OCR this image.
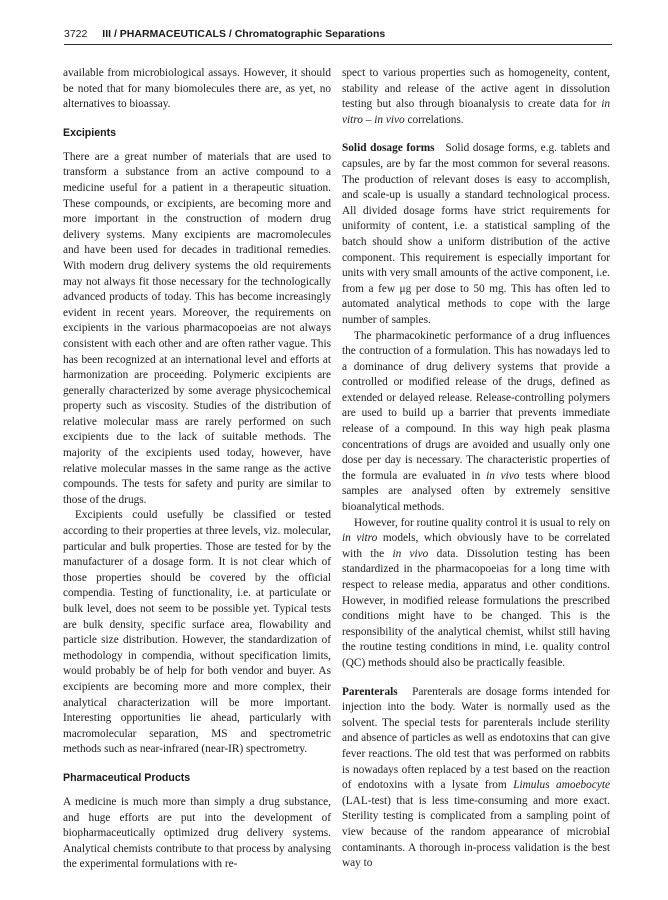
3722 III / PHARMACEUTICALS / Chromatographic Separations

available from microbiological assays. However, it should be noted that for many biomolecules there are, as yet, no alternatives to bioassay.

Excipients

There are a great number of materials that are used to transform a substance from an active compound to a medicine useful for a patient in a therapeutic situation. These compounds, or excipients, are becoming more and more important in the construction of modern drug delivery systems. Many excipients are macromolecules and have been used for decades in traditional remedies. With modern drug delivery systems the old requirements may not always fit those necessary for the technologically advanced products of today. This has become increasingly evident in recent years. Moreover, the requirements on excipients in the various pharmacopoeias are not always consistent with each other and are often rather vague. This has been recognized at an international level and efforts at harmonization are proceeding. Polymeric excipients are generally characterized by some average physicochemical property such as viscosity. Studies of the distribution of relative molecular mass are rarely performed on such excipients due to the lack of suitable methods. The majority of the excipients used today, however, have relative molecular masses in the same range as the active compounds. The tests for safety and purity are similar to those of the drugs.

Excipients could usefully be classified or tested according to their properties at three levels, viz. molecular, particular and bulk properties. Those are tested for by the manufacturer of a dosage form. It is not clear which of those properties should be covered by the official compendia. Testing of functionality, i.e. at particulate or bulk level, does not seem to be possible yet. Typical tests are bulk density, specific surface area, flowability and particle size distribution. However, the standardization of methodology in compendia, without specification limits, would probably be of help for both vendor and buyer. As excipients are becoming more and more complex, their analytical characterization will be more important. Interesting opportunities lie ahead, particularly with macromolecular separation, MS and spectrometric methods such as near-infrared (near-IR) spectrometry.

Pharmaceutical Products

A medicine is much more than simply a drug substance, and huge efforts are put into the development of biopharmaceutically optimized drug delivery systems. Analytical chemists contribute to that process by analysing the experimental formulations with re-

spect to various properties such as homogeneity, content, stability and release of the active agent in dissolution testing but also through bioanalysis to create data for in vitro – in vivo correlations.

Solid dosage forms Solid dosage forms, e.g. tablets and capsules, are by far the most common for several reasons. The production of relevant doses is easy to accomplish, and scale-up is usually a standard technological process. All divided dosage forms have strict requirements for uniformity of content, i.e. a statistical sampling of the batch should show a uniform distribution of the active component. This requirement is especially important for units with very small amounts of the active component, i.e. from a few μg per dose to 50 mg. This has often led to automated analytical methods to cope with the large number of samples.

The pharmacokinetic performance of a drug influences the contruction of a formulation. This has nowadays led to a dominance of drug delivery systems that provide a controlled or modified release of the drugs, defined as extended or delayed release. Release-controlling polymers are used to build up a barrier that prevents immediate release of a compound. In this way high peak plasma concentrations of drugs are avoided and usually only one dose per day is necessary. The characteristic properties of the formula are evaluated in in vivo tests where blood samples are analysed often by extremely sensitive bioanalytical methods.

However, for routine quality control it is usual to rely on in vitro models, which obviously have to be correlated with the in vivo data. Dissolution testing has been standardized in the pharmacopoeias for a long time with respect to release media, apparatus and other conditions. However, in modified release formulations the prescribed conditions might have to be changed. This is the responsibility of the analytical chemist, whilst still having the routine testing conditions in mind, i.e. quality control (QC) methods should also be practically feasible.

Parenterals Parenterals are dosage forms intended for injection into the body. Water is normally used as the solvent. The special tests for parenterals include sterility and absence of particles as well as endotoxins that can give fever reactions. The old test that was performed on rabbits is nowadays often replaced by a test based on the reaction of endotoxins with a lysate from Limulus amoebocyte (LAL-test) that is less time-consuming and more exact. Sterility testing is complicated from a sampling point of view because of the random appearance of microbial contaminants. A thorough in-process validation is the best way to
